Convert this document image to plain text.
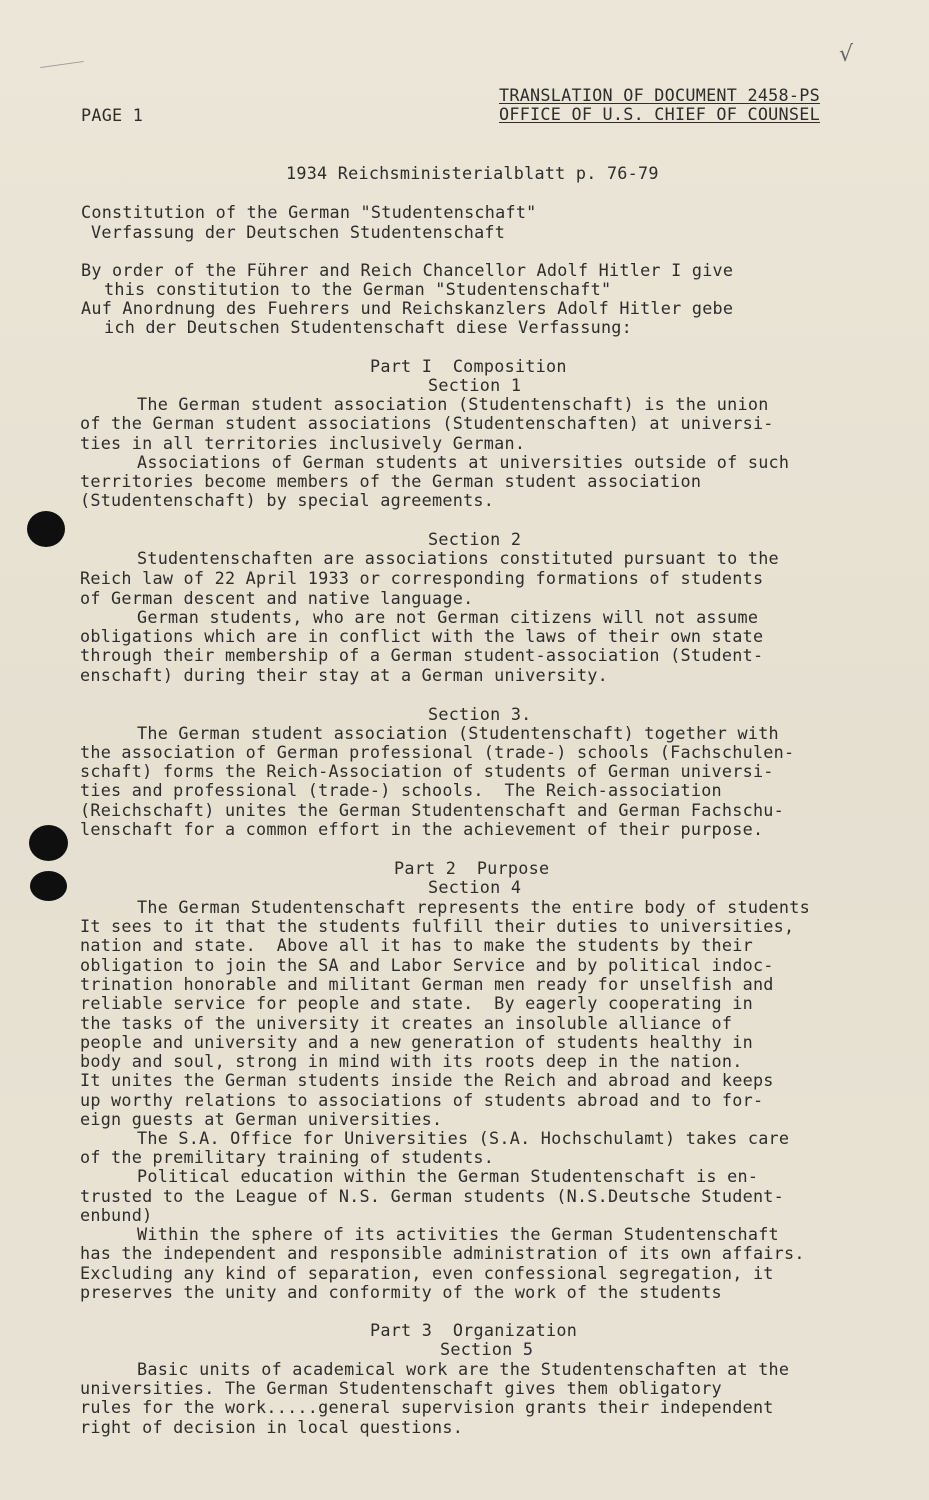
√
PAGE 1
TRANSLATION OF DOCUMENT 2458-PS
OFFICE OF U.S. CHIEF OF COUNSEL
1934 Reichsministerialblatt p. 76-79
Constitution of the German "Studentenschaft"
Verfassung der Deutschen Studentenschaft
By order of the Führer and Reich Chancellor Adolf Hitler I give
this constitution to the German "Studentenschaft"
Auf Anordnung des Fuehrers und Reichskanzlers Adolf Hitler gebe
ich der Deutschen Studentenschaft diese Verfassung:
Part I  Composition
Section 1
The German student association (Studentenschaft) is the union
of the German student associations (Studentenschaften) at universi-
ties in all territories inclusively German.
Associations of German students at universities outside of such
territories become members of the German student association
(Studentenschaft) by special agreements.
Section 2
Studentenschaften are associations constituted pursuant to the
Reich law of 22 April 1933 or corresponding formations of students
of German descent and native language.
German students, who are not German citizens will not assume
obligations which are in conflict with the laws of their own state
through their membership of a German student-association (Student-
enschaft) during their stay at a German university.
Section 3.
The German student association (Studentenschaft) together with
the association of German professional (trade-) schools (Fachschulen-
schaft) forms the Reich-Association of students of German universi-
ties and professional (trade-) schools.  The Reich-association
(Reichschaft) unites the German Studentenschaft and German Fachschu-
lenschaft for a common effort in the achievement of their purpose.
Part 2  Purpose
Section 4
The German Studentenschaft represents the entire body of students
It sees to it that the students fulfill their duties to universities,
nation and state.  Above all it has to make the students by their
obligation to join the SA and Labor Service and by political indoc-
trination honorable and militant German men ready for unselfish and
reliable service for people and state.  By eagerly cooperating in
the tasks of the university it creates an insoluble alliance of
people and university and a new generation of students healthy in
body and soul, strong in mind with its roots deep in the nation.
It unites the German students inside the Reich and abroad and keeps
up worthy relations to associations of students abroad and to for-
eign guests at German universities.
The S.A. Office for Universities (S.A. Hochschulamt) takes care
of the premilitary training of students.
Political education within the German Studentenschaft is en-
trusted to the League of N.S. German students (N.S.Deutsche Student-
enbund)
Within the sphere of its activities the German Studentenschaft
has the independent and responsible administration of its own affairs.
Excluding any kind of separation, even confessional segregation, it
preserves the unity and conformity of the work of the students
Part 3  Organization
Section 5
Basic units of academical work are the Studentenschaften at the
universities. The German Studentenschaft gives them obligatory
rules for the work.....general supervision grants their independent
right of decision in local questions.
